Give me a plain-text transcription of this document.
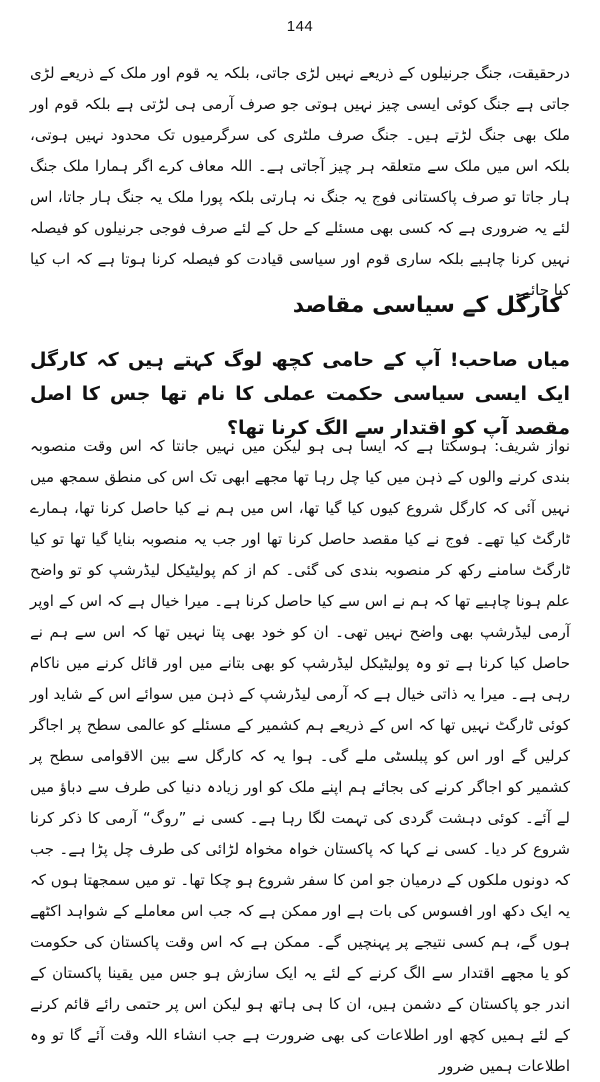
144

درحقیقت، جنگ جرنیلوں کے ذریعے نہیں لڑی جاتی، بلکہ یہ قوم اور ملک کے ذریعے لڑی جاتی ہے جنگ کوئی ایسی چیز نہیں ہوتی جو صرف آرمی ہی لڑتی ہے بلکہ قوم اور ملک بھی جنگ لڑتے ہیں۔ جنگ صرف ملٹری کی سرگرمیوں تک محدود نہیں ہوتی، بلکہ اس میں ملک سے متعلقہ ہر چیز آجاتی ہے۔ اللہ معاف کرے اگر ہمارا ملک جنگ ہار جاتا تو صرف پاکستانی فوج یہ جنگ نہ ہارتی بلکہ پورا ملک یہ جنگ ہار جاتا، اس لئے یہ ضروری ہے کہ کسی بھی مسئلے کے حل کے لئے صرف فوجی جرنیلوں کو فیصلہ نہیں کرنا چاہیے بلکہ ساری قوم اور سیاسی قیادت کو فیصلہ کرنا ہوتا ہے کہ اب کیا کیا جائے۔

کارگل کے سیاسی مقاصد

میاں صاحب! آپ کے حامی کچھ لوگ کہتے ہیں کہ کارگل ایک ایسی سیاسی حکمت عملی کا نام تھا جس کا اصل مقصد آپ کو اقتدار سے الگ کرنا تھا؟

نواز شریف: ہوسکتا ہے کہ ایسا ہی ہو لیکن میں نہیں جانتا کہ اس وقت منصوبہ بندی کرنے والوں کے ذہن میں کیا چل رہا تھا مجھے ابھی تک اس کی منطق سمجھ میں نہیں آئی کہ کارگل شروع کیوں کیا گیا تھا، اس میں ہم نے کیا حاصل کرنا تھا، ہمارے ٹارگٹ کیا تھے۔ فوج نے کیا مقصد حاصل کرنا تھا اور جب یہ منصوبہ بنایا گیا تھا تو کیا ٹارگٹ سامنے رکھ کر منصوبہ بندی کی گئی۔ کم از کم پولیٹیکل لیڈرشپ کو تو واضح علم ہونا چاہیے تھا کہ ہم نے اس سے کیا حاصل کرنا ہے۔ میرا خیال ہے کہ اس کے اوپر آرمی لیڈرشپ بھی واضح نہیں تھی۔ ان کو خود بھی پتا نہیں تھا کہ اس سے ہم نے حاصل کیا کرنا ہے تو وہ پولیٹیکل لیڈرشپ کو بھی بتانے میں اور قائل کرنے میں ناکام رہی ہے۔ میرا یہ ذاتی خیال ہے کہ آرمی لیڈرشپ کے ذہن میں سوائے اس کے شاید اور کوئی ٹارگٹ نہیں تھا کہ اس کے ذریعے ہم کشمیر کے مسئلے کو عالمی سطح پر اجاگر کرلیں گے اور اس کو پبلسٹی ملے گی۔ ہوا یہ کہ کارگل سے بین الاقوامی سطح پر کشمیر کو اجاگر کرنے کی بجائے ہم اپنے ملک کو اور زیادہ دنیا کی طرف سے دباؤ میں لے آئے۔ کوئی دہشت گردی کی تہمت لگا رہا ہے۔ کسی نے ”روگ“ آرمی کا ذکر کرنا شروع کر دیا۔ کسی نے کہا کہ پاکستان خواہ مخواہ لڑائی کی طرف چل پڑا ہے۔ جب کہ دونوں ملکوں کے درمیان جو امن کا سفر شروع ہو چکا تھا۔ تو میں سمجھتا ہوں کہ یہ ایک دکھ اور افسوس کی بات ہے اور ممکن ہے کہ جب اس معاملے کے شواہد اکٹھے ہوں گے، ہم کسی نتیجے پر پہنچیں گے۔ ممکن ہے کہ اس وقت پاکستان کی حکومت کو یا مجھے اقتدار سے الگ کرنے کے لئے یہ ایک سازش ہو جس میں یقینا پاکستان کے اندر جو پاکستان کے دشمن ہیں، ان کا ہی ہاتھ ہو لیکن اس پر حتمی رائے قائم کرنے کے لئے ہمیں کچھ اور اطلاعات کی بھی ضرورت ہے جب انشاء اللہ وقت آئے گا تو وہ اطلاعات ہمیں ضرور
